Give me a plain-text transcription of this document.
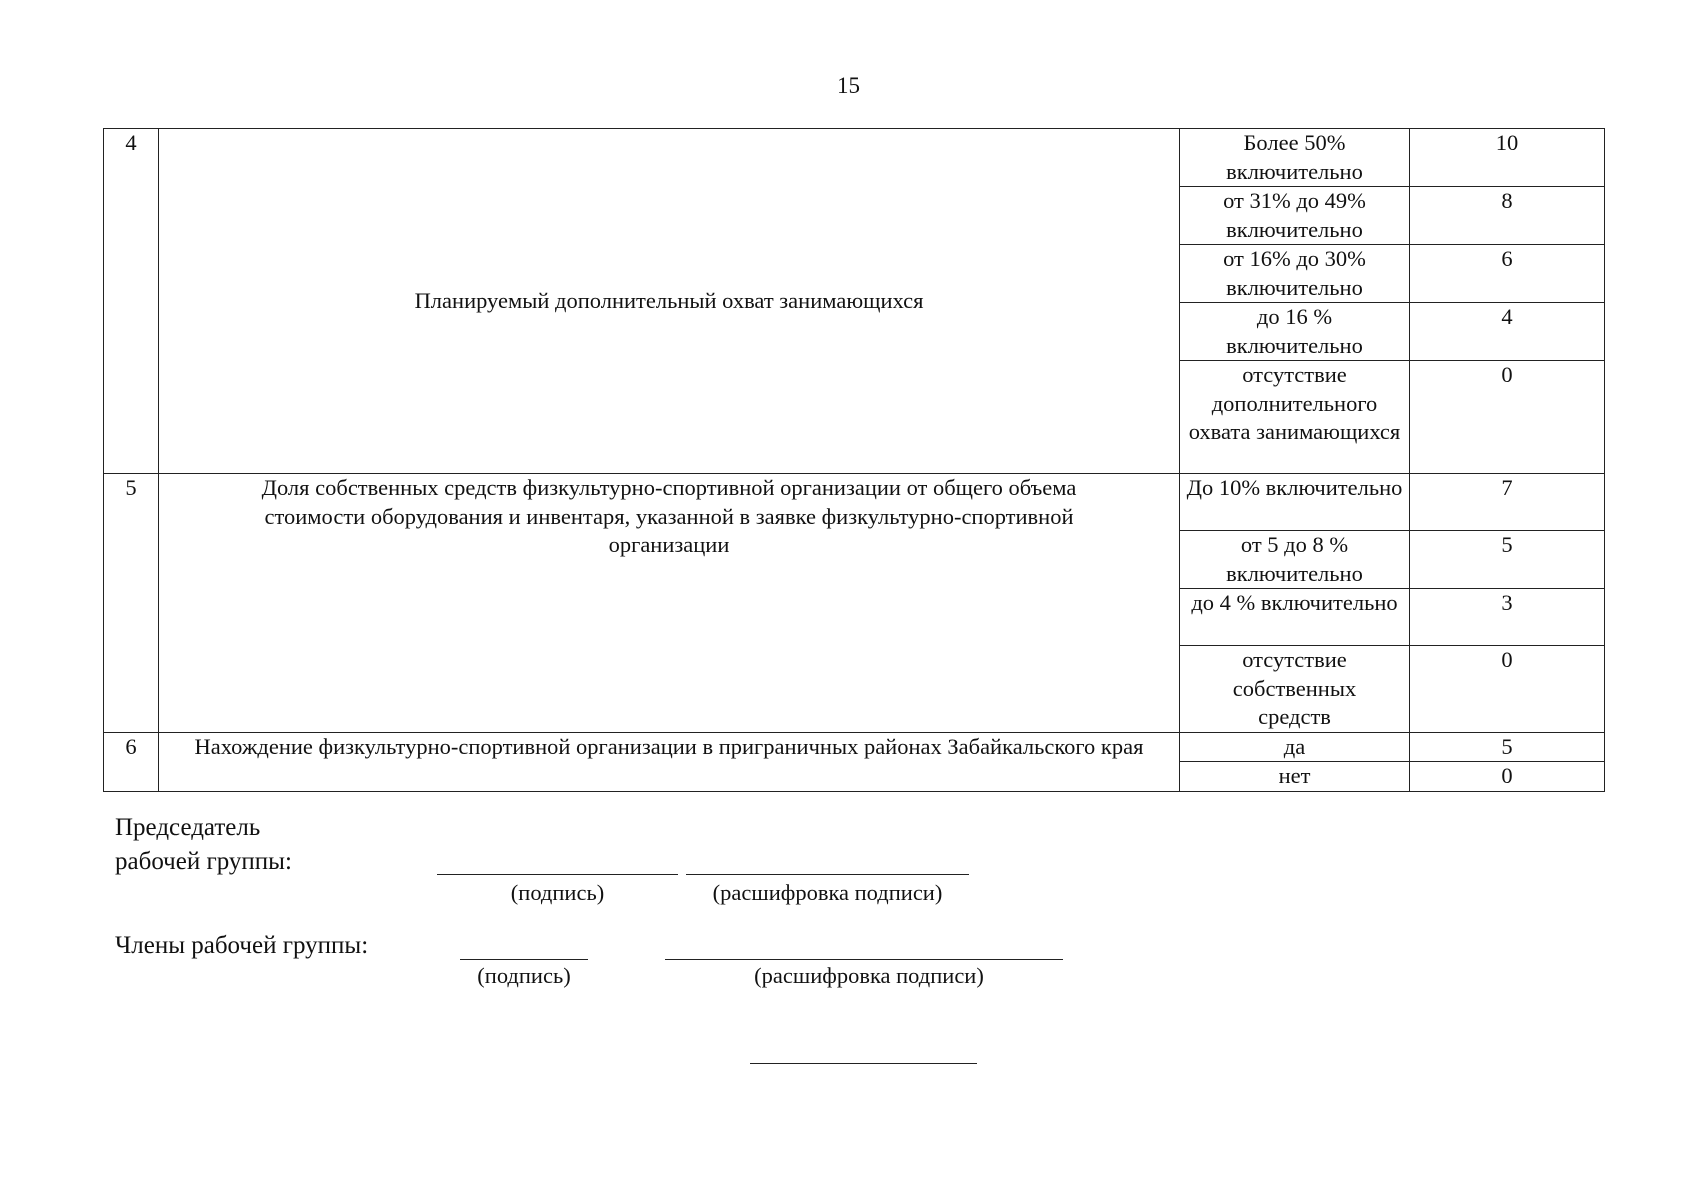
15
4	Планируемый дополнительный охват занимающихся	Более 50% включительно	10
		от 31% до 49% включительно	8
		от 16% до 30% включительно	6
		до 16 % включительно	4
		отсутствие дополнительного охвата занимающихся	0
5	Доля собственных средств физкультурно-спортивной организации от общего объема стоимости оборудования и инвентаря, указанной в заявке физкультурно-спортивной организации	До 10% включительно	7
		от 5 до 8 % включительно	5
		до 4 % включительно	3
		отсутствие собственных средств	0
6	Нахождение физкультурно-спортивной организации в приграничных районах Забайкальского края	да	5
		нет	0
Председатель
рабочей группы:
(подпись)	(расшифровка подписи)
Члены рабочей группы:
(подпись)	(расшифровка подписи)
